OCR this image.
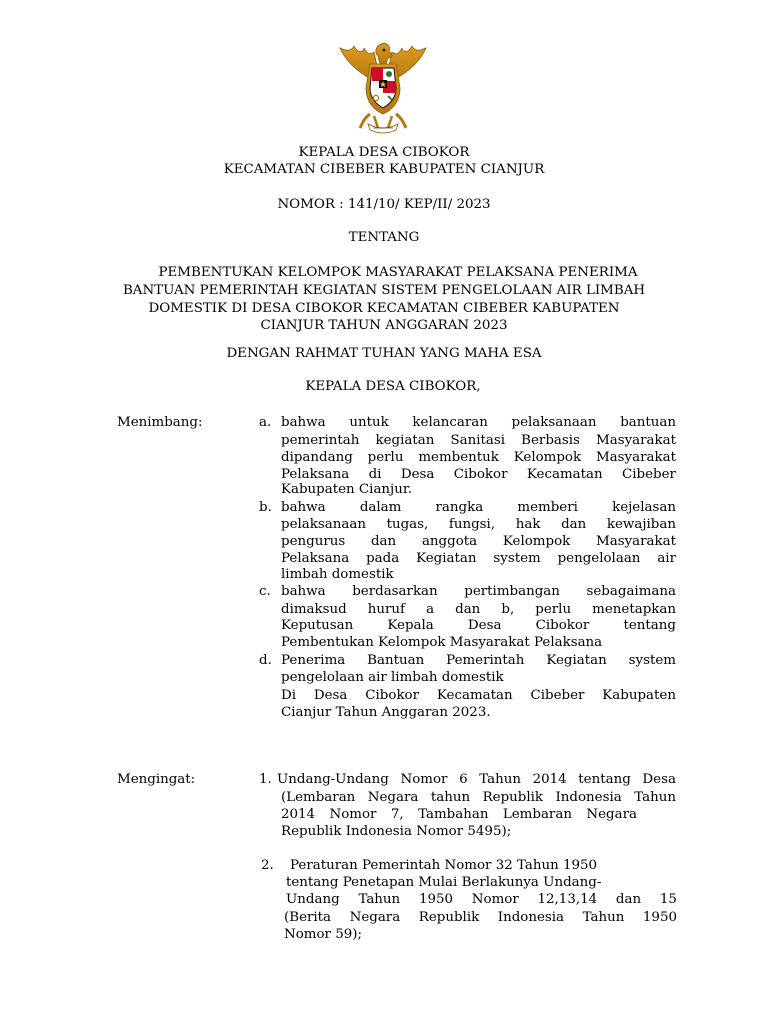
KEPALA DESA CIBOKOR
KECAMATAN CIBEBER KABUPATEN CIANJUR
NOMOR : 141/10/ KEP/II/ 2023
TENTANG
PEMBENTUKAN KELOMPOK MASYARAKAT PELAKSANA PENERIMA
BANTUAN PEMERINTAH KEGIATAN SISTEM PENGELOLAAN AIR LIMBAH
DOMESTIK DI DESA CIBOKOR KECAMATAN CIBEBER KABUPATEN
CIANJUR TAHUN ANGGARAN 2023
DENGAN RAHMAT TUHAN YANG MAHA ESA
KEPALA DESA CIBOKOR,
Menimbang:	a. bahwa untuk kelancaran pelaksanaan bantuan
pemerintah kegiatan Sanitasi Berbasis Masyarakat
dipandang perlu membentuk Kelompok Masyarakat
Pelaksana di Desa Cibokor Kecamatan Cibeber
Kabupaten Cianjur.
b. bahwa	dalam	rangka	memberi	kejelasan
pelaksanaan tugas, fungsi, hak dan kewajiban
pengurus dan anggota Kelompok Masyarakat
Pelaksana pada Kegiatan system pengelolaan air
limbah domestik
c. bahwa berdasarkan pertimbangan sebagaimana
dimaksud huruf a dan b, perlu menetapkan
Keputusan	Kepala	Desa	Cibokor	tentang
Pembentukan Kelompok Masyarakat Pelaksana
d. Penerima Bantuan Pemerintah Kegiatan system
pengelolaan air limbah domestik
Di Desa Cibokor Kecamatan Cibeber Kabupaten
Cianjur Tahun Anggaran 2023.
Mengingat:	1. Undang-Undang Nomor 6 Tahun 2014 tentang Desa
(Lembaran Negara tahun Republik Indonesia Tahun
2014 Nomor 7, Tambahan Lembaran Negara
Republik Indonesia Nomor 5495);
2. Peraturan Pemerintah Nomor 32 Tahun 1950
tentang Penetapan Mulai Berlakunya Undang-
Undang Tahun 1950 Nomor 12,13,14 dan 15
(Berita Negara Republik Indonesia Tahun 1950
Nomor 59);
